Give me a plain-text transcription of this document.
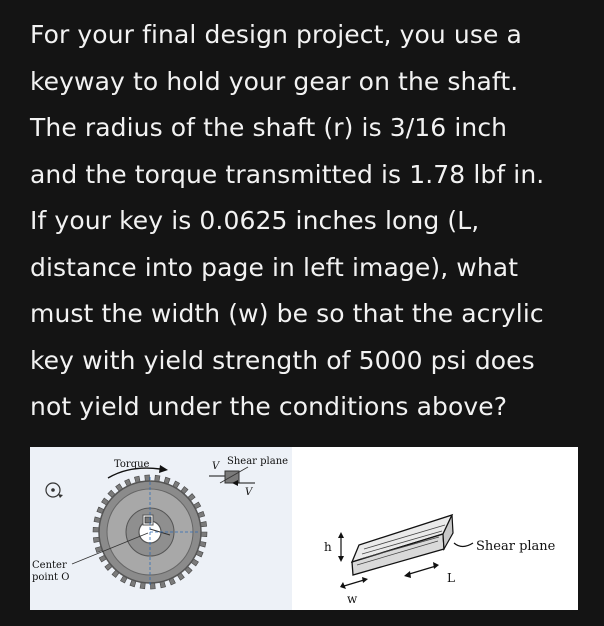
For your final design project, you use a
keyway to hold your gear on the shaft.
The radius of the shaft (r) is 3/16 inch
and the torque transmitted is 1.78 lbf in.
If your key is 0.0625 inches long (L,
distance into page in left image), what
must the width (w) be so that the acrylic
key with yield strength of 5000 psi does
not yield under the conditions above?

Torque	V Shear plane
V
Center
point O
h
w
L
Shear plane
